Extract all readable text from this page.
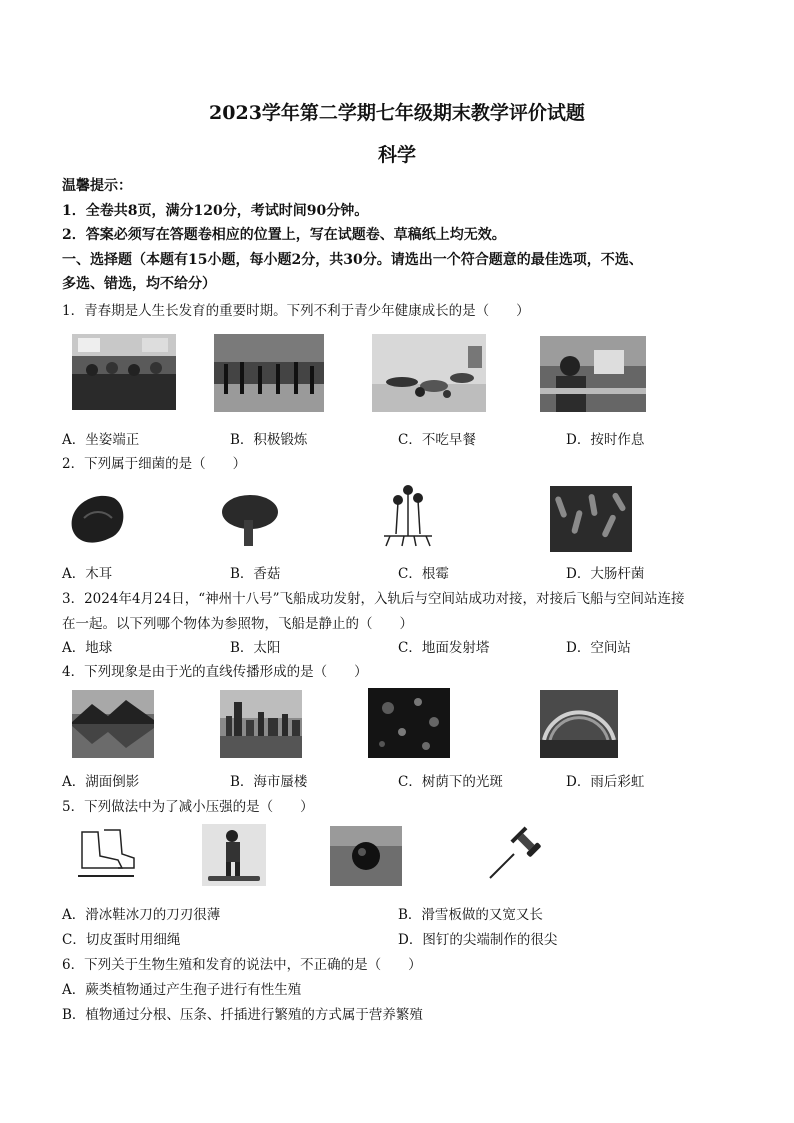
2023学年第二学期七年级期末教学评价试题
科学
温馨提示：
1．全卷共8页，满分120分，考试时间90分钟。
2．答案必须写在答题卷相应的位置上，写在试题卷、草稿纸上均无效。
一、选择题（本题有15小题，每小题2分，共30分。请选出一个符合题意的最佳选项，不选、
多选、错选，均不给分）
1．青春期是人生长发育的重要时期。下列不利于青少年健康成长的是（　　）
A．坐姿端正	B．积极锻炼	C．不吃早餐	D．按时作息
2．下列属于细菌的是（　　）
A．木耳	B．香菇	C．根霉	D．大肠杆菌
3．2024年4月24日，“神州十八号”飞船成功发射，入轨后与空间站成功对接，对接后飞船与空间站连接
在一起。以下列哪个物体为参照物，飞船是静止的（　　）
A．地球	B．太阳	C．地面发射塔	D．空间站
4．下列现象是由于光的直线传播形成的是（　　）
A．湖面倒影	B．海市蜃楼	C．树荫下的光斑	D．雨后彩虹
5．下列做法中为了减小压强的是（　　）
A．滑冰鞋冰刀的刀刃很薄	B．滑雪板做的又宽又长
C．切皮蛋时用细绳	D．图钉的尖端制作的很尖
6．下列关于生物生殖和发育的说法中，不正确的是（　　）
A．蕨类植物通过产生孢子进行有性生殖
B．植物通过分根、压条、扦插进行繁殖的方式属于营养繁殖
